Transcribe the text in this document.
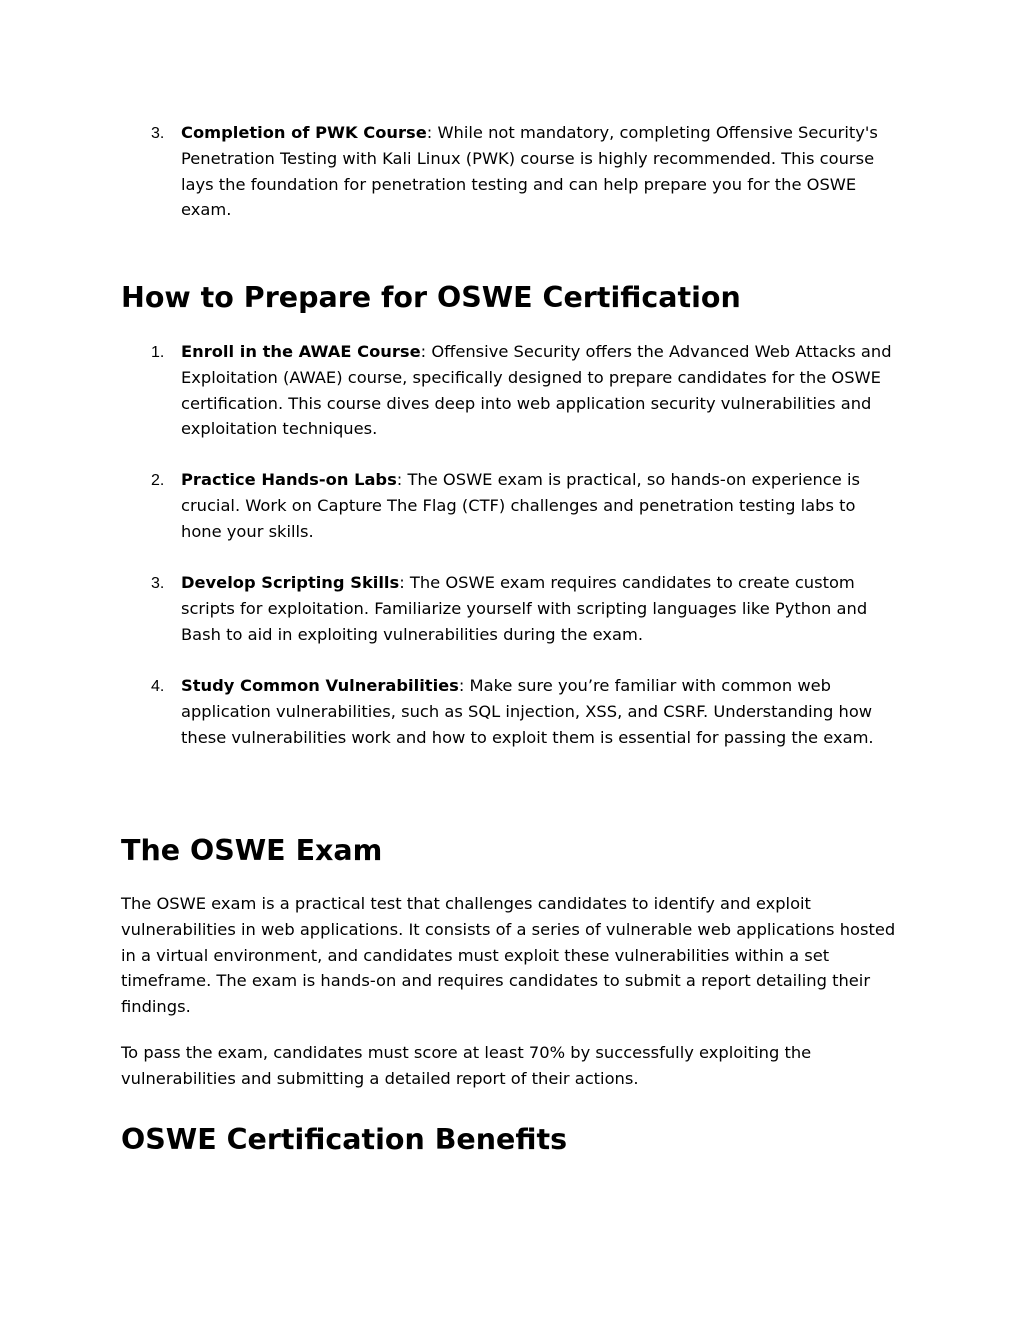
3. Completion of PWK Course: While not mandatory, completing Offensive Security's Penetration Testing with Kali Linux (PWK) course is highly recommended. This course lays the foundation for penetration testing and can help prepare you for the OSWE exam.

How to Prepare for OSWE Certification
1. Enroll in the AWAE Course: Offensive Security offers the Advanced Web Attacks and Exploitation (AWAE) course, specifically designed to prepare candidates for the OSWE certification. This course dives deep into web application security vulnerabilities and exploitation techniques.

2. Practice Hands-on Labs: The OSWE exam is practical, so hands-on experience is crucial. Work on Capture The Flag (CTF) challenges and penetration testing labs to hone your skills.

3. Develop Scripting Skills: The OSWE exam requires candidates to create custom scripts for exploitation. Familiarize yourself with scripting languages like Python and Bash to aid in exploiting vulnerabilities during the exam.

4. Study Common Vulnerabilities: Make sure you’re familiar with common web application vulnerabilities, such as SQL injection, XSS, and CSRF. Understanding how these vulnerabilities work and how to exploit them is essential for passing the exam.

The OSWE Exam

The OSWE exam is a practical test that challenges candidates to identify and exploit vulnerabilities in web applications. It consists of a series of vulnerable web applications hosted in a virtual environment, and candidates must exploit these vulnerabilities within a set timeframe. The exam is hands-on and requires candidates to submit a report detailing their findings.

To pass the exam, candidates must score at least 70% by successfully exploiting the vulnerabilities and submitting a detailed report of their actions.

OSWE Certification Benefits
